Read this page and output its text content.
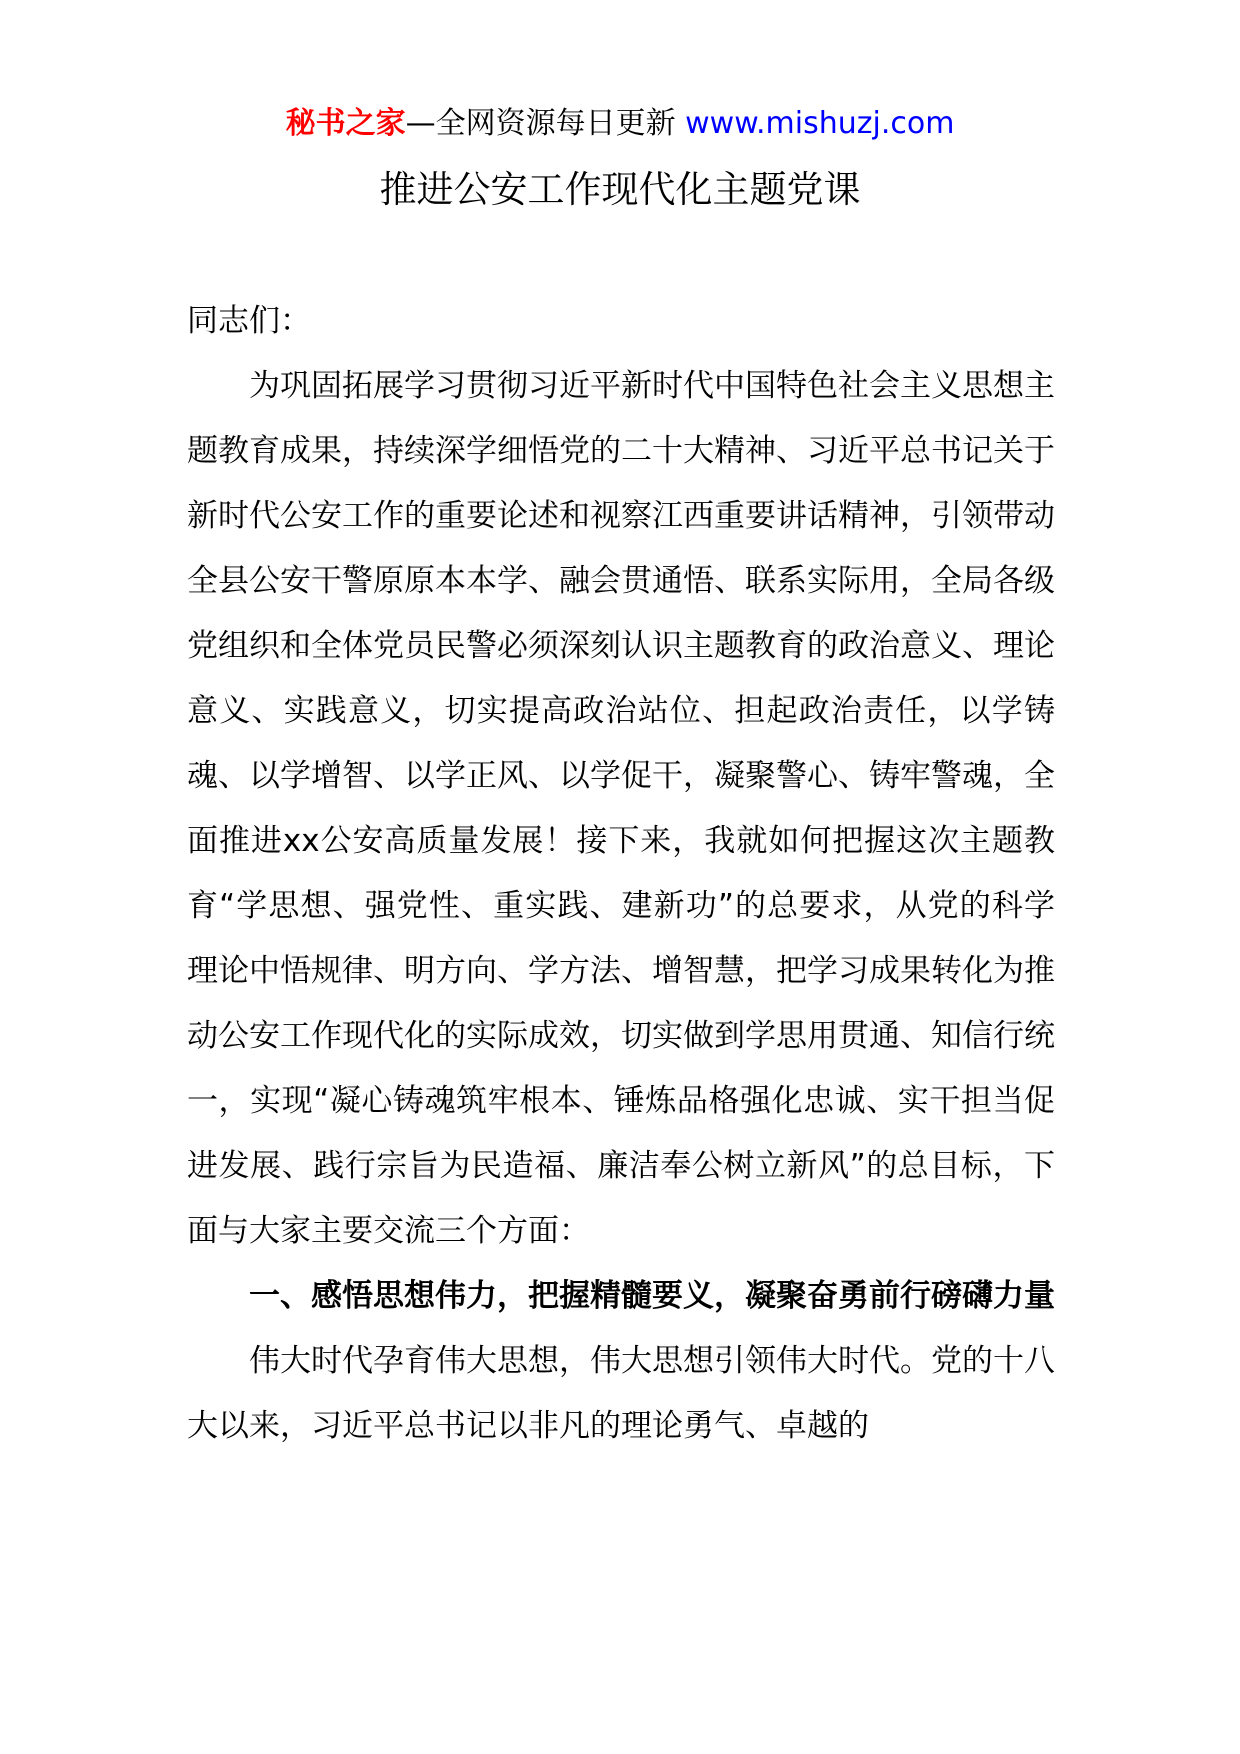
秘书之家—全网资源每日更新 www.mishuzj.com
推进公安工作现代化主题党课

同志们：

为巩固拓展学习贯彻习近平新时代中国特色社会主义思想主题教育成果，持续深学细悟党的二十大精神、习近平总书记关于新时代公安工作的重要论述和视察江西重要讲话精神，引领带动全县公安干警原原本本学、融会贯通悟、联系实际用，全局各级党组织和全体党员民警必须深刻认识主题教育的政治意义、理论意义、实践意义，切实提高政治站位、担起政治责任，以学铸魂、以学增智、以学正风、以学促干，凝聚警心、铸牢警魂，全面推进xx公安高质量发展！接下来，我就如何把握这次主题教育“学思想、强党性、重实践、建新功”的总要求，从党的科学理论中悟规律、明方向、学方法、增智慧，把学习成果转化为推动公安工作现代化的实际成效，切实做到学思用贯通、知信行统一，实现“凝心铸魂筑牢根本、锤炼品格强化忠诚、实干担当促进发展、践行宗旨为民造福、廉洁奉公树立新风”的总目标，下面与大家主要交流三个方面：

一、感悟思想伟力，把握精髓要义，凝聚奋勇前行磅礴力量

伟大时代孕育伟大思想，伟大思想引领伟大时代。党的十八大以来，习近平总书记以非凡的理论勇气、卓越的
